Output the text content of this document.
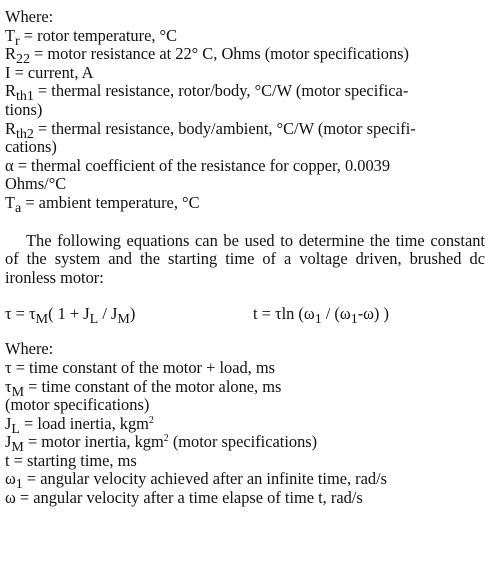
Where:
$T_r$ = rotor temperature, °C
$R_{22}$ = motor resistance at 22° C, Ohms (motor specifications)
I = current, A
$R_{th1}$ = thermal resistance, rotor/body, °C/W (motor specifica-
tions)
$R_{th2}$ = thermal resistance, body/ambient, °C/W (motor specifi-
cations)
α = thermal coefficient of the resistance for copper, 0.0039
Ohms/°C
$T_a$ = ambient temperature, °C
The following equations can be used to determine the time constant of the system and the starting time of a voltage driven, brushed dc ironless motor:
$\tau = \tau_M$( $1 + J_L / J_M$)	t = τln ($\omega_1 / (\omega_1-\omega)$ )
Where:
τ = time constant of the motor + load, ms
$\tau_M$ = time constant of the motor alone, ms
(motor specifications)
$J_L$ = load inertia, kgm$^2$
$J_M$ = motor inertia, kgm$^2$ (motor specifications)
t = starting time, ms
$\omega_1$ = angular velocity achieved after an infinite time, rad/s
ω = angular velocity after a time elapse of time t, rad/s
